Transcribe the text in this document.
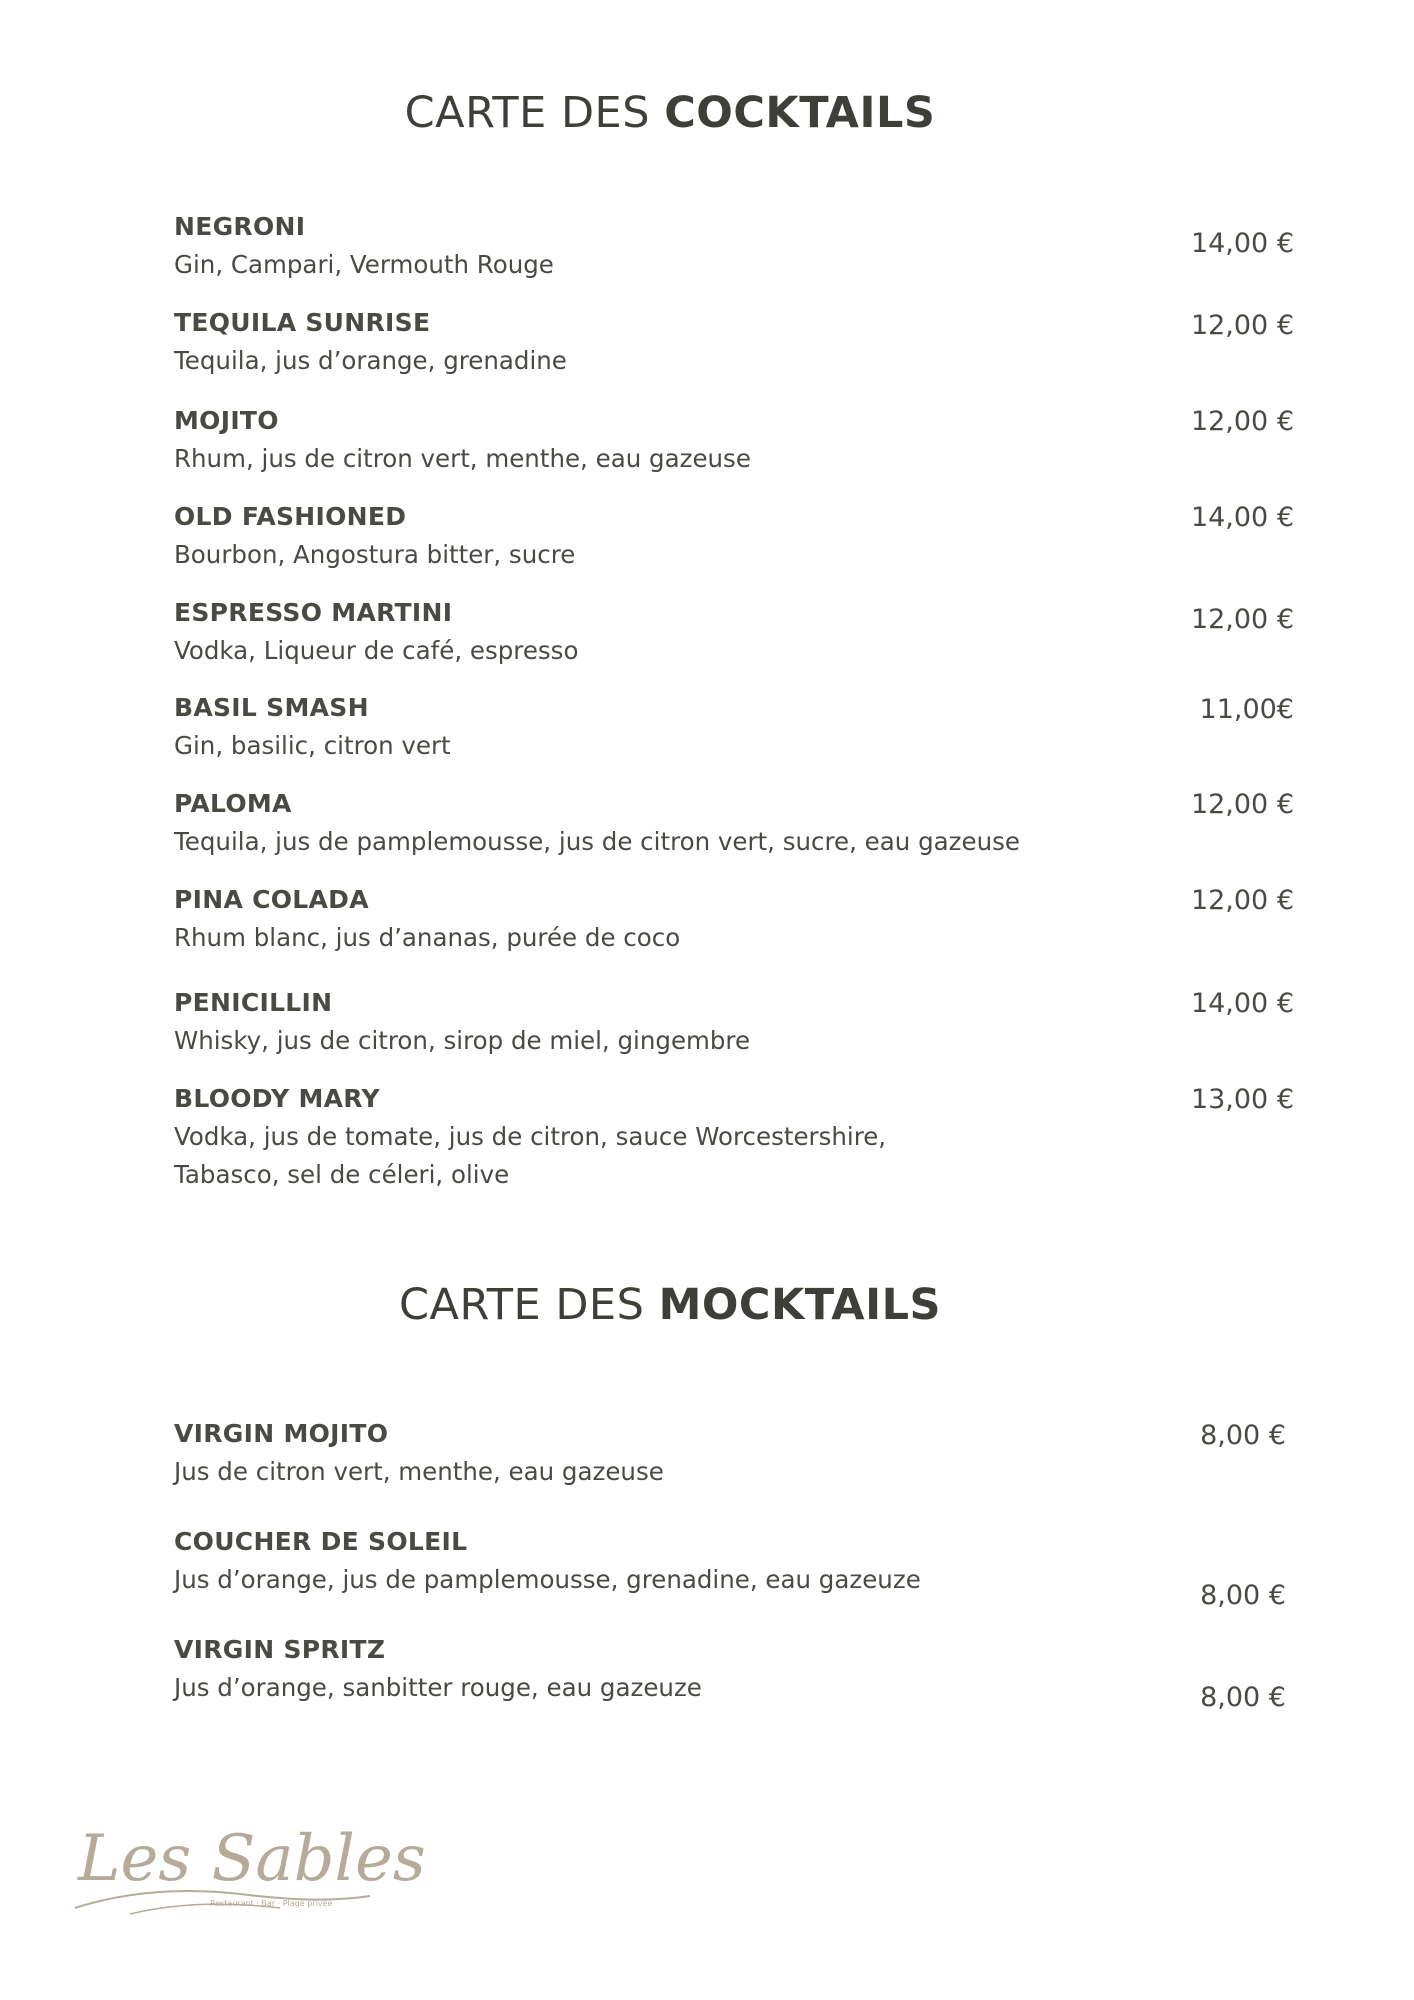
CARTE DES COCKTAILS
NEGRONI
Gin, Campari, Vermouth Rouge
14,00 €
TEQUILA SUNRISE
Tequila, jus d’orange, grenadine
12,00 €
MOJITO
Rhum, jus de citron vert, menthe, eau gazeuse
12,00 €
OLD FASHIONED
Bourbon, Angostura bitter, sucre
14,00 €
ESPRESSO MARTINI
Vodka, Liqueur de café, espresso
12,00 €
BASIL SMASH
Gin, basilic, citron vert
11,00€
PALOMA
Tequila, jus de pamplemousse, jus de citron vert, sucre, eau gazeuse
12,00 €
PINA COLADA
Rhum blanc, jus d’ananas, purée de coco
12,00 €
PENICILLIN
Whisky, jus de citron, sirop de miel, gingembre
14,00 €
BLOODY MARY
Vodka, jus de tomate, jus de citron, sauce Worcestershire, Tabasco, sel de céleri, olive
13,00 €
CARTE DES MOCKTAILS
VIRGIN MOJITO
Jus de citron vert, menthe, eau gazeuse
8,00 €
COUCHER DE SOLEIL
Jus d’orange, jus de pamplemousse, grenadine, eau gazeuze
8,00 €
VIRGIN SPRITZ
Jus d’orange, sanbitter rouge, eau gazeuze	8,00 €
Les Sables
Restaurant · Bar · Plage privée
